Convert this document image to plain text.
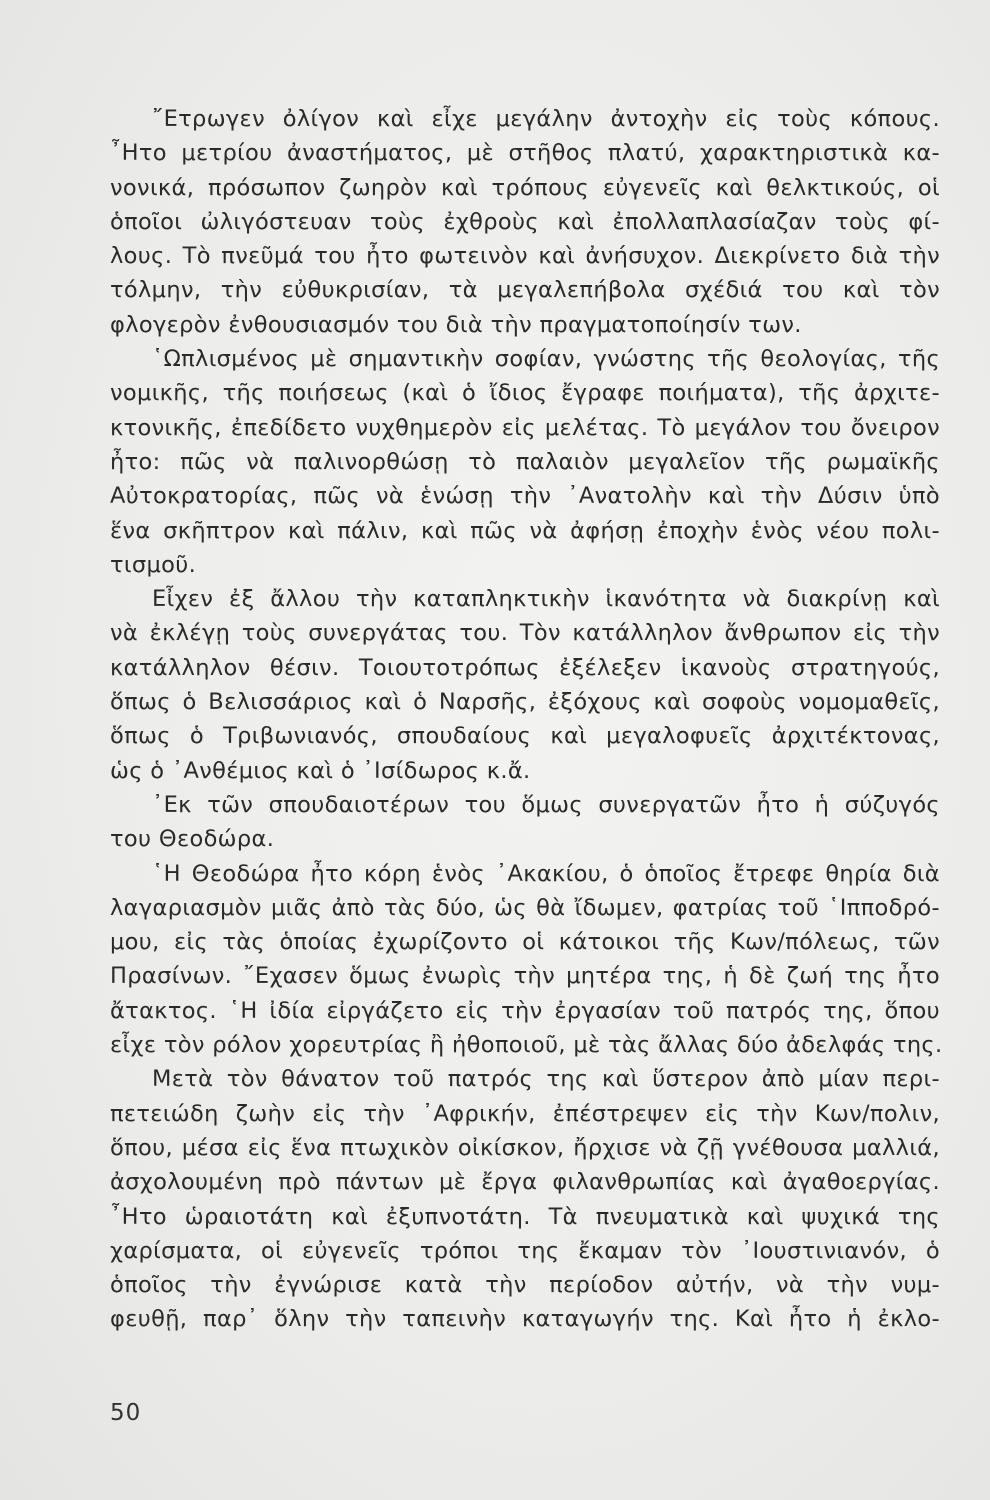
῎Ετρωγεν ὀλίγον καὶ εἶχε μεγάλην ἀντοχὴν εἰς τοὺς κόπους.
῏Ητο μετρίου ἀναστήματος, μὲ στῆθος πλατύ, χαρακτηριστικὰ κα-
νονικά, πρόσωπον ζωηρὸν καὶ τρόπους εὐγενεῖς καὶ θελκτικούς, οἱ
ὁποῖοι ὠλιγόστευαν τοὺς ἐχθροὺς καὶ ἐπολλαπλασίαζαν τοὺς φί-
λους. Τὸ πνεῦμά του ἦτο φωτεινὸν καὶ ἀνήσυχον. Διεκρίνετο διὰ τὴν
τόλμην, τὴν εὐθυκρισίαν, τὰ μεγαλεπήβολα σχέδιά του καὶ τὸν
φλογερὸν ἐνθουσιασμόν του διὰ τὴν πραγματοποίησίν των.

῾Ωπλισμένος μὲ σημαντικὴν σοφίαν, γνώστης τῆς θεολογίας, τῆς
νομικῆς, τῆς ποιήσεως (καὶ ὁ ἴδιος ἔγραφε ποιήματα), τῆς ἀρχιτε-
κτονικῆς, ἐπεδίδετο νυχθημερὸν εἰς μελέτας. Τὸ μεγάλον του ὄνειρον
ἦτο: πῶς νὰ παλινορθώσῃ τὸ παλαιὸν μεγαλεῖον τῆς ρωμαϊκῆς
Αὐτοκρατορίας, πῶς νὰ ἑνώσῃ τὴν ᾿Ανατολὴν καὶ τὴν Δύσιν ὑπὸ
ἕνα σκῆπτρον καὶ πάλιν, καὶ πῶς νὰ ἀφήσῃ ἐποχὴν ἑνὸς νέου πολι-
τισμοῦ.

Εἶχεν ἐξ ἄλλου τὴν καταπληκτικὴν ἱκανότητα νὰ διακρίνῃ καὶ
νὰ ἐκλέγῃ τοὺς συνεργάτας του. Τὸν κατάλληλον ἄνθρωπον εἰς τὴν
κατάλληλον θέσιν. Τοιουτοτρόπως ἐξέλεξεν ἱκανοὺς στρατηγούς,
ὅπως ὁ Βελισσάριος καὶ ὁ Ναρσῆς, ἐξόχους καὶ σοφοὺς νομομαθεῖς,
ὅπως ὁ Τριβωνιανός, σπουδαίους καὶ μεγαλοφυεῖς ἀρχιτέκτονας,
ὡς ὁ ᾿Ανθέμιος καὶ ὁ ᾿Ισίδωρος κ.ἄ.

᾿Εκ τῶν σπουδαιοτέρων του ὅμως συνεργατῶν ἦτο ἡ σύζυγός
του Θεοδώρα.

῾Η Θεοδώρα ἦτο κόρη ἑνὸς ᾿Ακακίου, ὁ ὁποῖος ἔτρεφε θηρία διὰ
λαγαριασμὸν μιᾶς ἀπὸ τὰς δύο, ὡς θὰ ἴδωμεν, φατρίας τοῦ ῾Ιπποδρό-
μου, εἰς τὰς ὁποίας ἐχωρίζοντο οἱ κάτοικοι τῆς Κων/πόλεως, τῶν
Πρασίνων. ῎Εχασεν ὅμως ἐνωρὶς τὴν μητέρα της, ἡ δὲ ζωή της ἦτο
ἄτακτος. ῾Η ἰδία εἰργάζετο εἰς τὴν ἐργασίαν τοῦ πατρός της, ὅπου
εἶχε τὸν ρόλον χορευτρίας ἢ ἠθοποιοῦ, μὲ τὰς ἄλλας δύο ἀδελφάς της.

Μετὰ τὸν θάνατον τοῦ πατρός της καὶ ὕστερον ἀπὸ μίαν περι-
πετειώδη ζωὴν εἰς τὴν ᾿Αφρικήν, ἐπέστρεψεν εἰς τὴν Κων/πολιν,
ὅπου, μέσα εἰς ἕνα πτωχικὸν οἰκίσκον, ἤρχισε νὰ ζῇ γνέθουσα μαλλιά,
ἀσχολουμένη πρὸ πάντων μὲ ἔργα φιλανθρωπίας καὶ ἀγαθοεργίας.
῏Ητο ὡραιοτάτη καὶ ἐξυπνοτάτη. Τὰ πνευματικὰ καὶ ψυχικά της
χαρίσματα, οἱ εὐγενεῖς τρόποι της ἔκαμαν τὸν ᾿Ιουστινιανόν, ὁ
ὁποῖος τὴν ἐγνώρισε κατὰ τὴν περίοδον αὐτήν, νὰ τὴν νυμ-
φευθῇ, παρ᾿ ὅλην τὴν ταπεινὴν καταγωγήν της. Καὶ ἦτο ἡ ἐκλο-

50
